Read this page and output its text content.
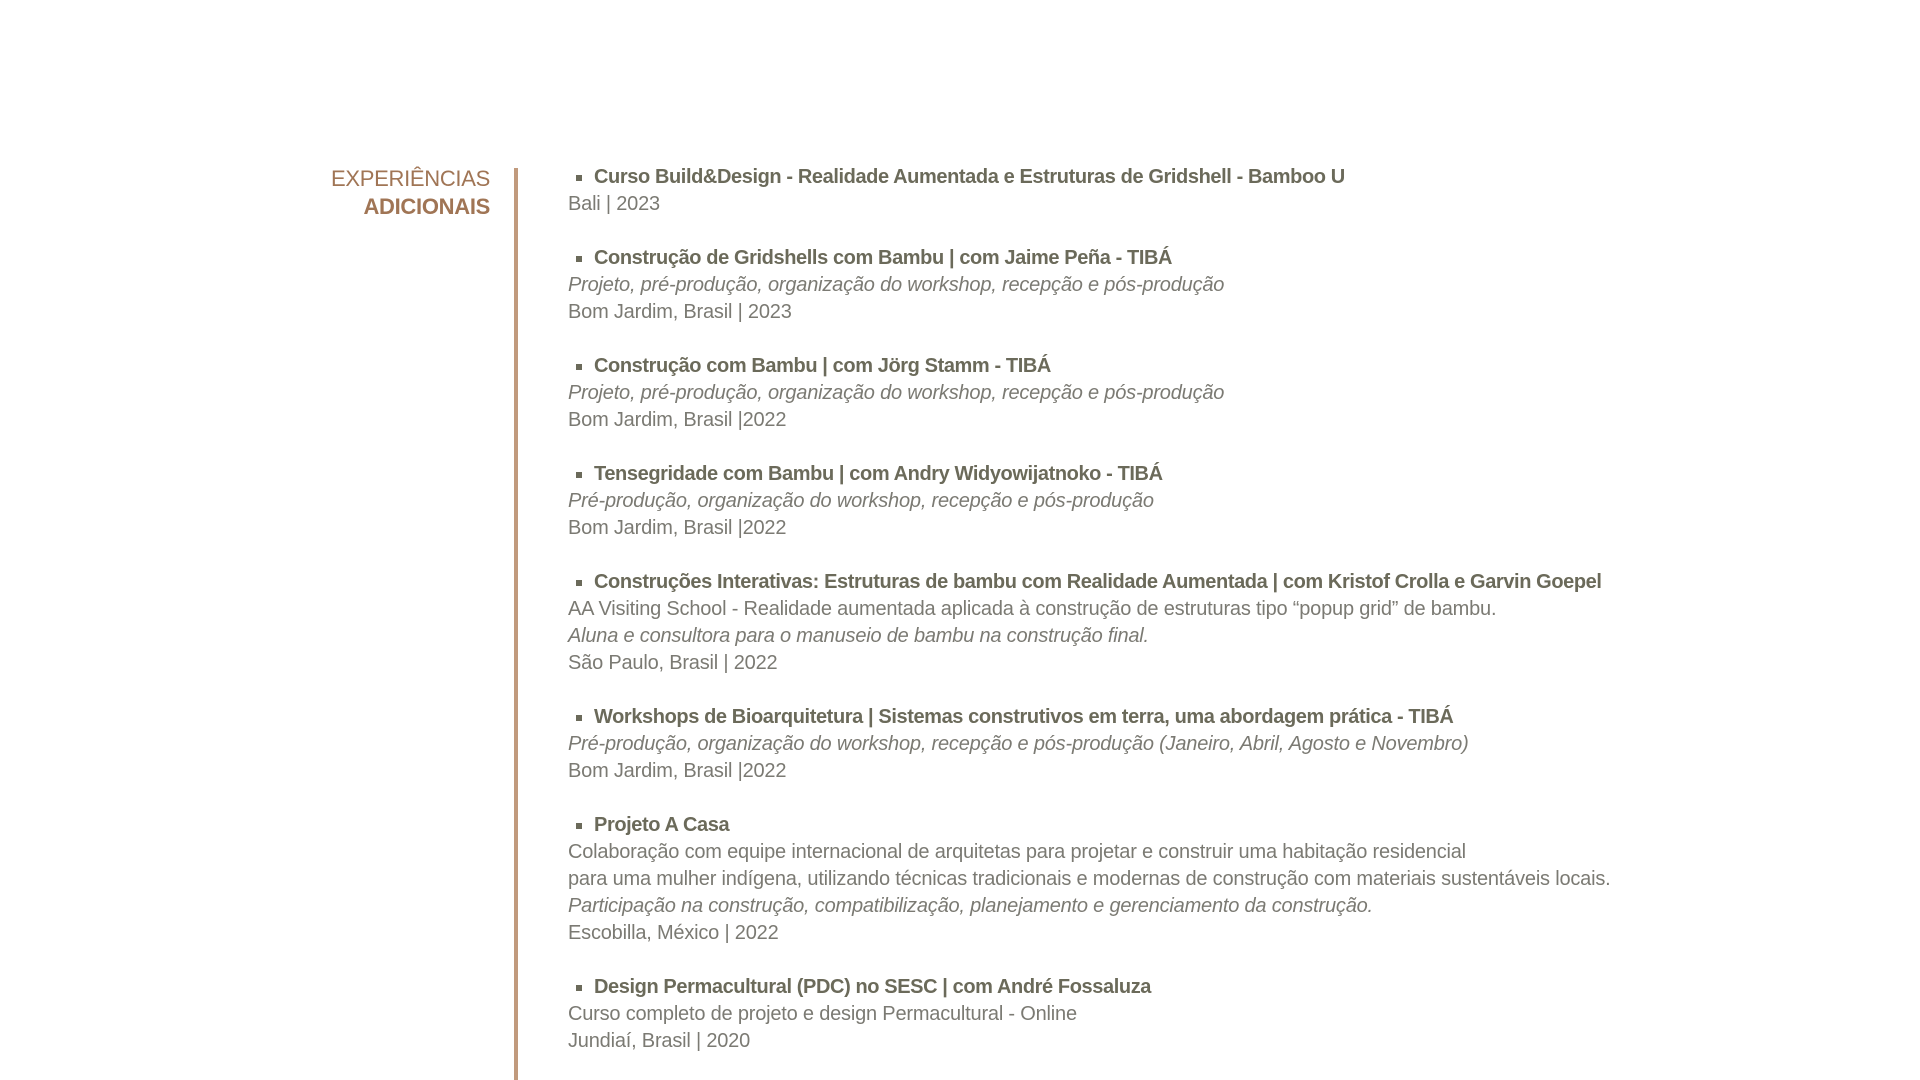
EXPERIÊNCIAS
ADICIONAIS
Curso Build&Design - Realidade Aumentada e Estruturas de Gridshell - Bamboo U
Bali | 2023
Construção de Gridshells com Bambu | com Jaime Peña - TIBÁ
Projeto, pré-produção, organização do workshop, recepção e pós-produção
Bom Jardim, Brasil | 2023
Construção com Bambu | com Jörg Stamm - TIBÁ
Projeto, pré-produção, organização do workshop, recepção e pós-produção
Bom Jardim, Brasil |2022
Tensegridade com Bambu | com Andry Widyowijatnoko - TIBÁ
Pré-produção, organização do workshop, recepção e pós-produção
Bom Jardim, Brasil |2022
Construções Interativas: Estruturas de bambu com Realidade Aumentada | com Kristof Crolla e Garvin Goepel
AA Visiting School - Realidade aumentada aplicada à construção de estruturas tipo “popup grid” de bambu.
Aluna e consultora para o manuseio de bambu na construção final.
São Paulo, Brasil | 2022
Workshops de Bioarquitetura | Sistemas construtivos em terra, uma abordagem prática - TIBÁ
Pré-produção, organização do workshop, recepção e pós-produção (Janeiro, Abril, Agosto e Novembro)
Bom Jardim, Brasil |2022
Projeto A Casa
Colaboração com equipe internacional de arquitetas para projetar e construir uma habitação residencial
para uma mulher indígena, utilizando técnicas tradicionais e modernas de construção com materiais sustentáveis locais.
Participação na construção, compatibilização, planejamento e gerenciamento da construção.
Escobilla, México | 2022
Design Permacultural (PDC) no SESC | com André Fossaluza
Curso completo de projeto e design Permacultural - Online
Jundiaí, Brasil | 2020
